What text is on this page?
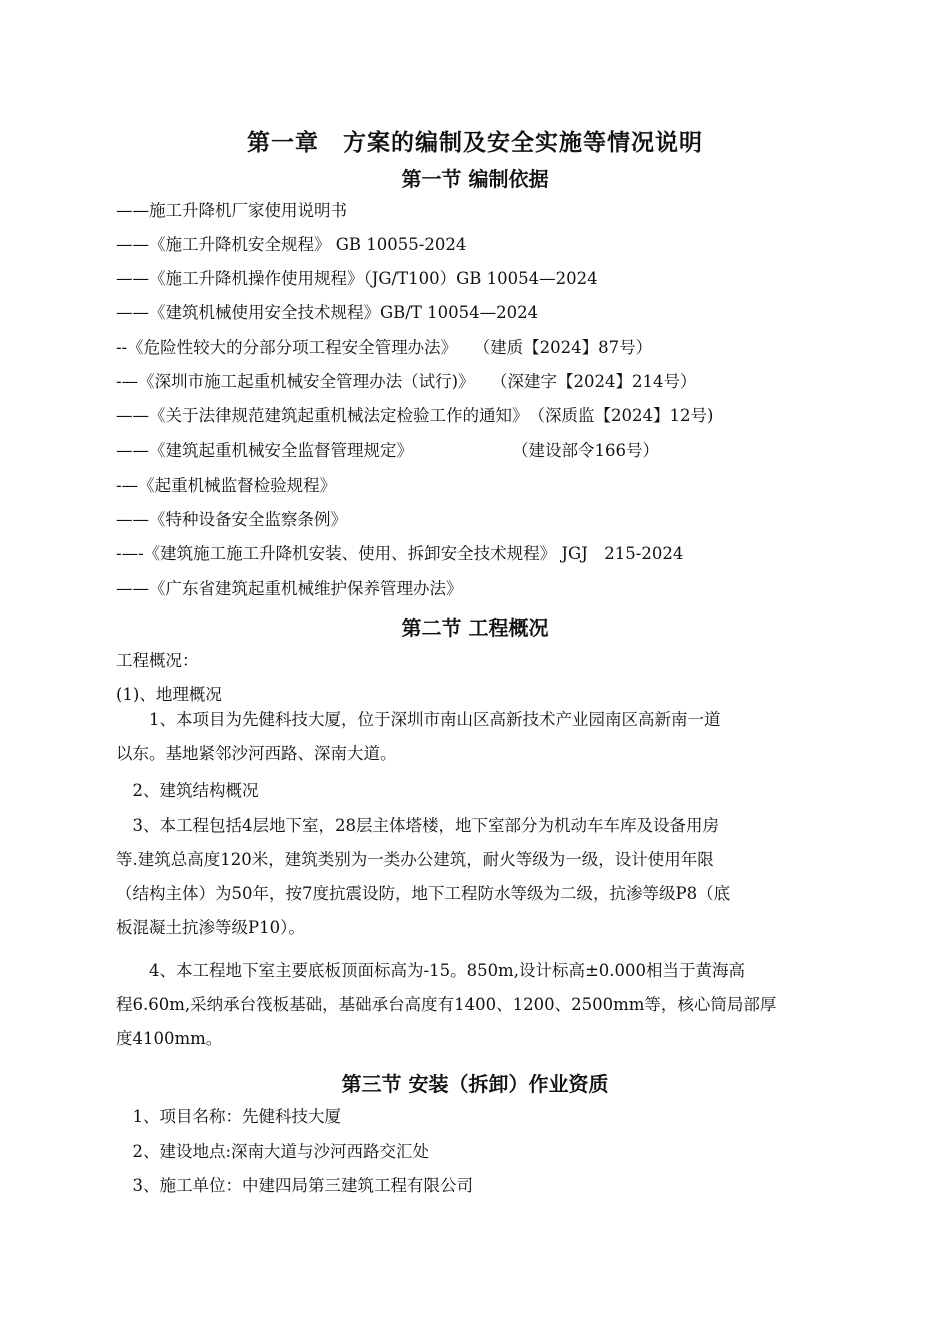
第一章　方案的编制及安全实施等情况说明
第一节 编制依据
——施工升降机厂家使用说明书
——《施工升降机安全规程》 GB 10055-2024
——《施工升降机操作使用规程》（JG/T100）GB 10054—2024
——《建筑机械使用安全技术规程》GB/T 10054—2024
--《危险性较大的分部分项工程安全管理办法》　　（建质【2024】87号）
-—《深圳市施工起重机械安全管理办法（试行)》　　（深建字【2024】214号）
——《关于法律规范建筑起重机械法定检验工作的通知》　（深质监【2024】12号)
——《建筑起重机械安全监督管理规定》　　　　　　　（建设部令166号）
-—《起重机械监督检验规程》
——《特种设备安全监察条例》
-—-《建筑施工施工升降机安装、使用、拆卸安全技术规程》 JGJ　215-2024
——《广东省建筑起重机械维护保养管理办法》
第二节 工程概况
工程概况：
(1)、地理概况
　　1、本项目为先健科技大厦，位于深圳市南山区高新技术产业园南区高新南一道
以东。基地紧邻沙河西路、深南大道。
　2、建筑结构概况
　3、本工程包括4层地下室，28层主体塔楼，地下室部分为机动车车库及设备用房
等.建筑总高度120米，建筑类别为一类办公建筑，耐火等级为一级，设计使用年限
（结构主体）为50年，按7度抗震设防，地下工程防水等级为二级，抗渗等级P8（底
板混凝土抗渗等级P10）。
　　4、本工程地下室主要底板顶面标高为-15。850m,设计标高±0.000相当于黄海高
程6.60m,采纳承台筏板基础，基础承台高度有1400、1200、2500mm等，核心筒局部厚
度4100mm。
第三节 安装（拆卸）作业资质
　1、项目名称：先健科技大厦
　2、建设地点:深南大道与沙河西路交汇处
　3、施工单位：中建四局第三建筑工程有限公司
